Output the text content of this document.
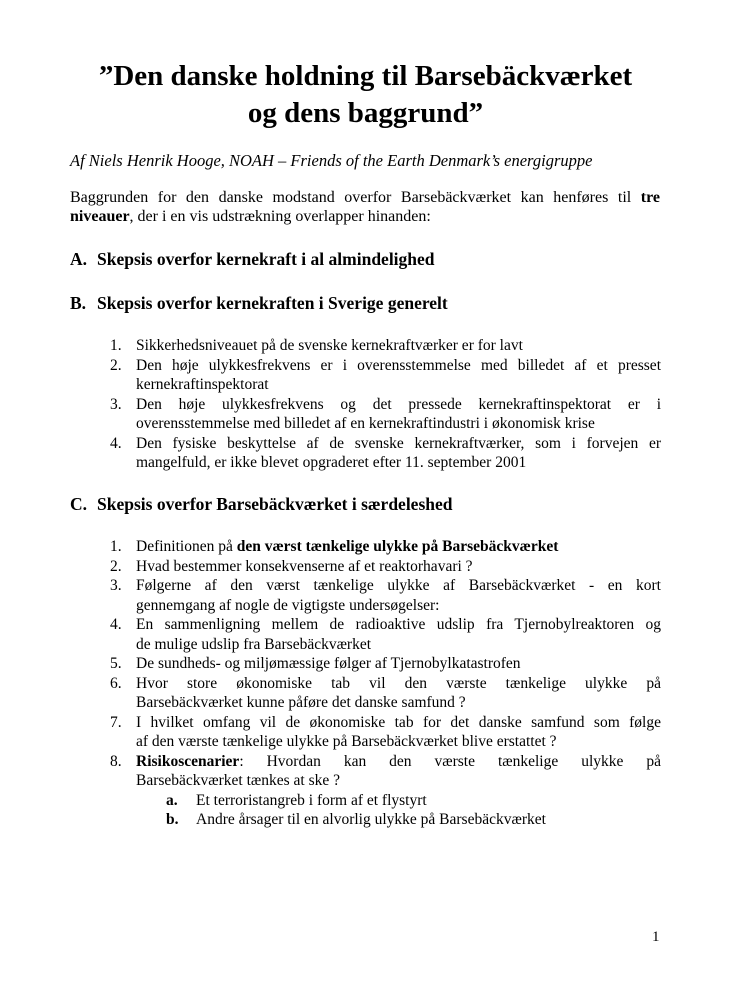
”Den danske holdning til Barsebäckværket
og dens baggrund”

Af Niels Henrik Hooge, NOAH – Friends of the Earth Denmark’s energigruppe

Baggrunden for den danske modstand overfor Barsebäckværket kan henføres til tre
niveauer, der i en vis udstrækning overlapper hinanden:

A. Skepsis overfor kernekraft i al almindelighed
B. Skepsis overfor kernekraften i Sverige generelt
1. Sikkerhedsniveauet på de svenske kernekraftværker er for lavt
2. Den høje ulykkesfrekvens er i overensstemmelse med billedet af et presset
kernekraftinspektorat
3. Den høje ulykkesfrekvens og det pressede kernekraftinspektorat er i
overensstemmelse med billedet af en kernekraftindustri i økonomisk krise
4. Den fysiske beskyttelse af de svenske kernekraftværker, som i forvejen er
mangelfuld, er ikke blevet opgraderet efter 11. september 2001
C. Skepsis overfor Barsebäckværket i særdeleshed
1. Definitionen på den værst tænkelige ulykke på Barsebäckværket
2. Hvad bestemmer konsekvenserne af et reaktorhavari ?
3. Følgerne af den værst tænkelige ulykke af Barsebäckværket - en kort
gennemgang af nogle de vigtigste undersøgelser:
4. En sammenligning mellem de radioaktive udslip fra Tjernobylreaktoren og
de mulige udslip fra Barsebäckværket
5. De sundheds- og miljømæssige følger af Tjernobylkatastrofen
6. Hvor store økonomiske tab vil den værste tænkelige ulykke på
Barsebäckværket kunne påføre det danske samfund ?
7. I hvilket omfang vil de økonomiske tab for det danske samfund som følge
af den værste tænkelige ulykke på Barsebäckværket blive erstattet ?
8. Risikoscenarier: Hvordan kan den værste tænkelige ulykke på
Barsebäckværket tænkes at ske ?
a. Et terroristangreb i form af et flystyrt
b. Andre årsager til en alvorlig ulykke på Barsebäckværket

1
